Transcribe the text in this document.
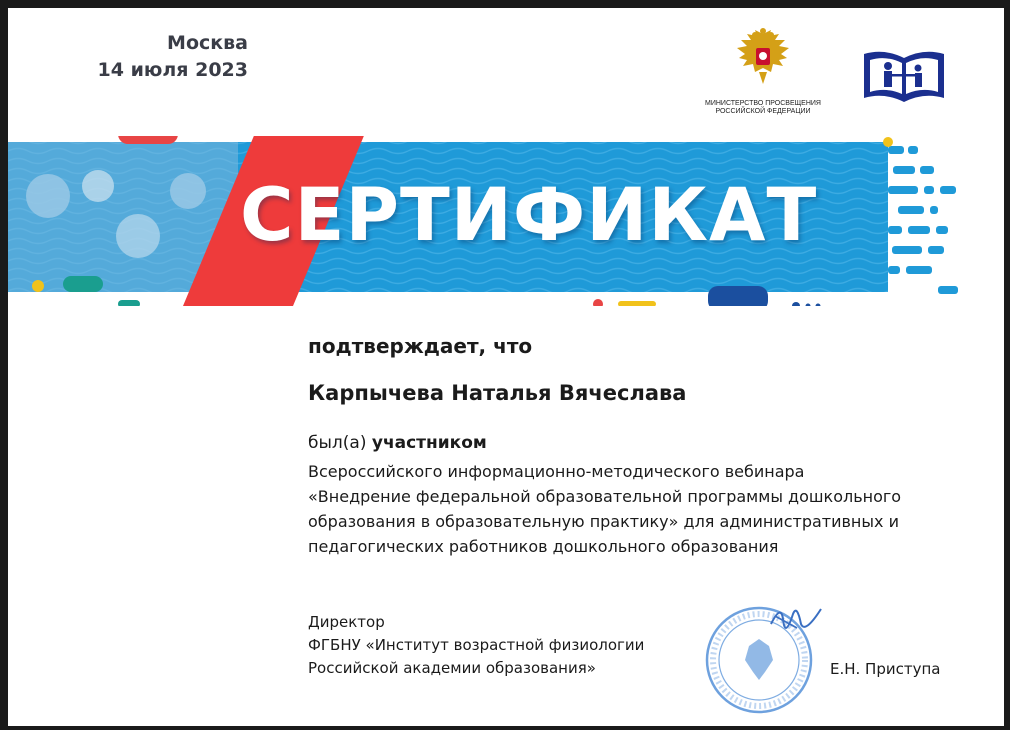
Москва
14 июля 2023
МИНИСТЕРСТВО ПРОСВЕЩЕНИЯ
РОССИЙСКОЙ ФЕДЕРАЦИИ
СЕРТИФИКАТ
подтверждает, что
Карпычева Наталья Вячеслава
был(а) участником
Всероссийского информационно-методического вебинара
«Внедрение федеральной образовательной программы дошкольного
образования в образовательную практику» для административных и
педагогических работников дошкольного образования
Директор
ФГБНУ «Институт возрастной физиологии
Российской академии образования»	Е.Н. Приступа
